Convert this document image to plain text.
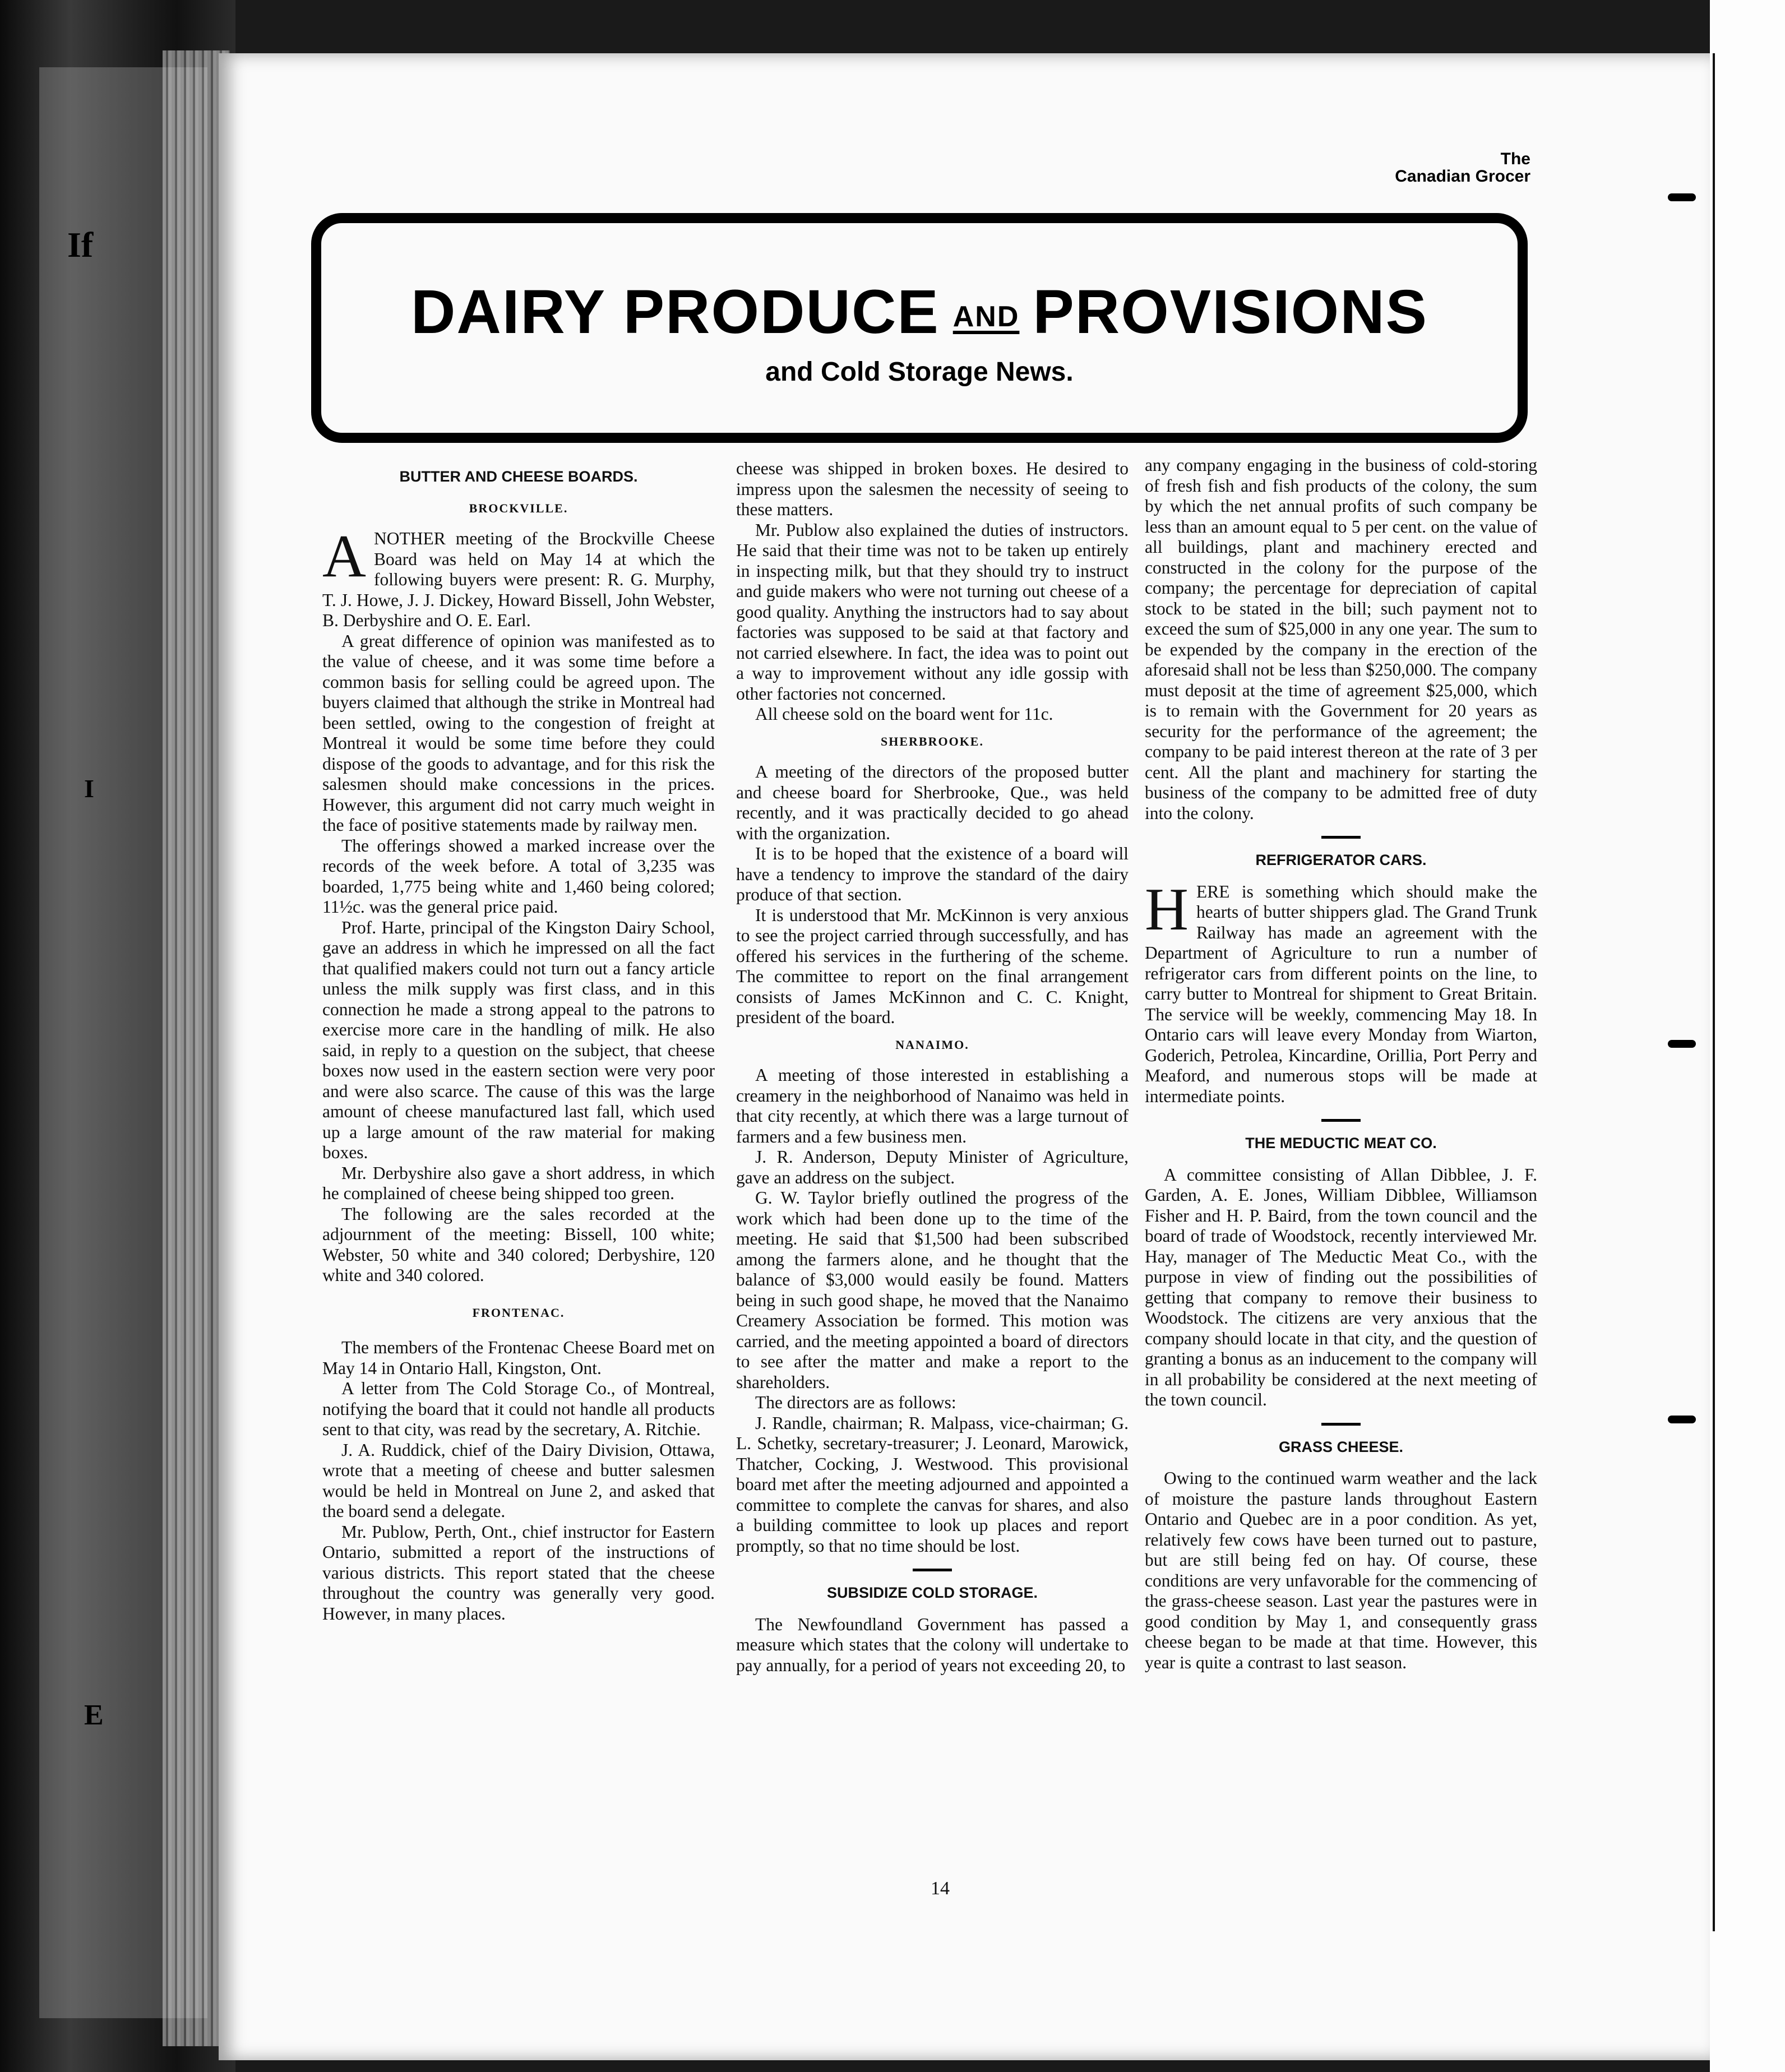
If
I
E
The
Canadian Grocer
DAIRY PRODUCE AND PROVISIONS
and Cold Storage News.
BUTTER AND CHEESE BOARDS.
BROCKVILLE.

ANOTHER meeting of the Brockville Cheese Board was held on May 14 at which the following buyers were present: R. G. Murphy, T. J. Howe, J. J. Dickey, Howard Bissell, John Webster, B. Derbyshire and O. E. Earl.

A great difference of opinion was manifested as to the value of cheese, and it was some time before a common basis for selling could be agreed upon. The buyers claimed that although the strike in Montreal had been settled, owing to the congestion of freight at Montreal it would be some time before they could dispose of the goods to advantage, and for this risk the salesmen should make concessions in the prices. However, this argument did not carry much weight in the face of positive statements made by railway men.

The offerings showed a marked increase over the records of the week before. A total of 3,235 was boarded, 1,775 being white and 1,460 being colored; 11½c. was the general price paid.

Prof. Harte, principal of the Kingston Dairy School, gave an address in which he impressed on all the fact that qualified makers could not turn out a fancy article unless the milk supply was first class, and in this connection he made a strong appeal to the patrons to exercise more care in the handling of milk. He also said, in reply to a question on the subject, that cheese boxes now used in the eastern section were very poor and were also scarce. The cause of this was the large amount of cheese manufactured last fall, which used up a large amount of the raw material for making boxes.

Mr. Derbyshire also gave a short address, in which he complained of cheese being shipped too green.

The following are the sales recorded at the adjournment of the meeting: Bissell, 100 white; Webster, 50 white and 340 colored; Derbyshire, 120 white and 340 colored.

FRONTENAC.

The members of the Frontenac Cheese Board met on May 14 in Ontario Hall, Kingston, Ont.

A letter from The Cold Storage Co., of Montreal, notifying the board that it could not handle all products sent to that city, was read by the secretary, A. Ritchie.

J. A. Ruddick, chief of the Dairy Division, Ottawa, wrote that a meeting of cheese and butter salesmen would be held in Montreal on June 2, and asked that the board send a delegate.

Mr. Publow, Perth, Ont., chief instructor for Eastern Ontario, submitted a report of the instructions of various districts. This report stated that the cheese throughout the country was generally very good. However, in many places.

cheese was shipped in broken boxes. He desired to impress upon the salesmen the necessity of seeing to these matters.

Mr. Publow also explained the duties of instructors. He said that their time was not to be taken up entirely in inspecting milk, but that they should try to instruct and guide makers who were not turning out cheese of a good quality. Anything the instructors had to say about factories was supposed to be said at that factory and not carried elsewhere. In fact, the idea was to point out a way to improvement without any idle gossip with other factories not concerned.

All cheese sold on the board went for 11c.

SHERBROOKE.

A meeting of the directors of the proposed butter and cheese board for Sherbrooke, Que., was held recently, and it was practically decided to go ahead with the organization.

It is to be hoped that the existence of a board will have a tendency to improve the standard of the dairy produce of that section.

It is understood that Mr. McKinnon is very anxious to see the project carried through successfully, and has offered his services in the furthering of the scheme. The committee to report on the final arrangement consists of James McKinnon and C. C. Knight, president of the board.

NANAIMO.

A meeting of those interested in establishing a creamery in the neighborhood of Nanaimo was held in that city recently, at which there was a large turnout of farmers and a few business men.

J. R. Anderson, Deputy Minister of Agriculture, gave an address on the subject.

G. W. Taylor briefly outlined the progress of the work which had been done up to the time of the meeting. He said that $1,500 had been subscribed among the farmers alone, and he thought that the balance of $3,000 would easily be found. Matters being in such good shape, he moved that the Nanaimo Creamery Association be formed. This motion was carried, and the meeting appointed a board of directors to see after the matter and make a report to the shareholders.

The directors are as follows:

J. Randle, chairman; R. Malpass, vice-chairman; G. L. Schetky, secretary-treasurer; J. Leonard, Marowick, Thatcher, Cocking, J. Westwood. This provisional board met after the meeting adjourned and appointed a committee to complete the canvas for shares, and also a building committee to look up places and report promptly, so that no time should be lost.

SUBSIDIZE COLD STORAGE.

The Newfoundland Government has passed a measure which states that the colony will undertake to pay annually, for a period of years not exceeding 20, to

any company engaging in the business of cold-storing of fresh fish and fish products of the colony, the sum by which the net annual profits of such company be less than an amount equal to 5 per cent. on the value of all buildings, plant and machinery erected and constructed in the colony for the purpose of the company; the percentage for depreciation of capital stock to be stated in the bill; such payment not to exceed the sum of $25,000 in any one year. The sum to be expended by the company in the erection of the aforesaid shall not be less than $250,000. The company must deposit at the time of agreement $25,000, which is to remain with the Government for 20 years as security for the performance of the agreement; the company to be paid interest thereon at the rate of 3 per cent. All the plant and machinery for starting the business of the company to be admitted free of duty into the colony.

REFRIGERATOR CARS.

HERE is something which should make the hearts of butter shippers glad. The Grand Trunk Railway has made an agreement with the Department of Agriculture to run a number of refrigerator cars from different points on the line, to carry butter to Montreal for shipment to Great Britain. The service will be weekly, commencing May 18. In Ontario cars will leave every Monday from Wiarton, Goderich, Petrolea, Kincardine, Orillia, Port Perry and Meaford, and numerous stops will be made at intermediate points.

THE MEDUCTIC MEAT CO.

A committee consisting of Allan Dibblee, J. F. Garden, A. E. Jones, William Dibblee, Williamson Fisher and H. P. Baird, from the town council and the board of trade of Woodstock, recently interviewed Mr. Hay, manager of The Meductic Meat Co., with the purpose in view of finding out the possibilities of getting that company to remove their business to Woodstock. The citizens are very anxious that the company should locate in that city, and the question of granting a bonus as an inducement to the company will in all probability be considered at the next meeting of the town council.

GRASS CHEESE.

Owing to the continued warm weather and the lack of moisture the pasture lands throughout Eastern Ontario and Quebec are in a poor condition. As yet, relatively few cows have been turned out to pasture, but are still being fed on hay. Of course, these conditions are very unfavorable for the commencing of the grass-cheese season. Last year the pastures were in good condition by May 1, and consequently grass cheese began to be made at that time. However, this year is quite a contrast to last season.

14
